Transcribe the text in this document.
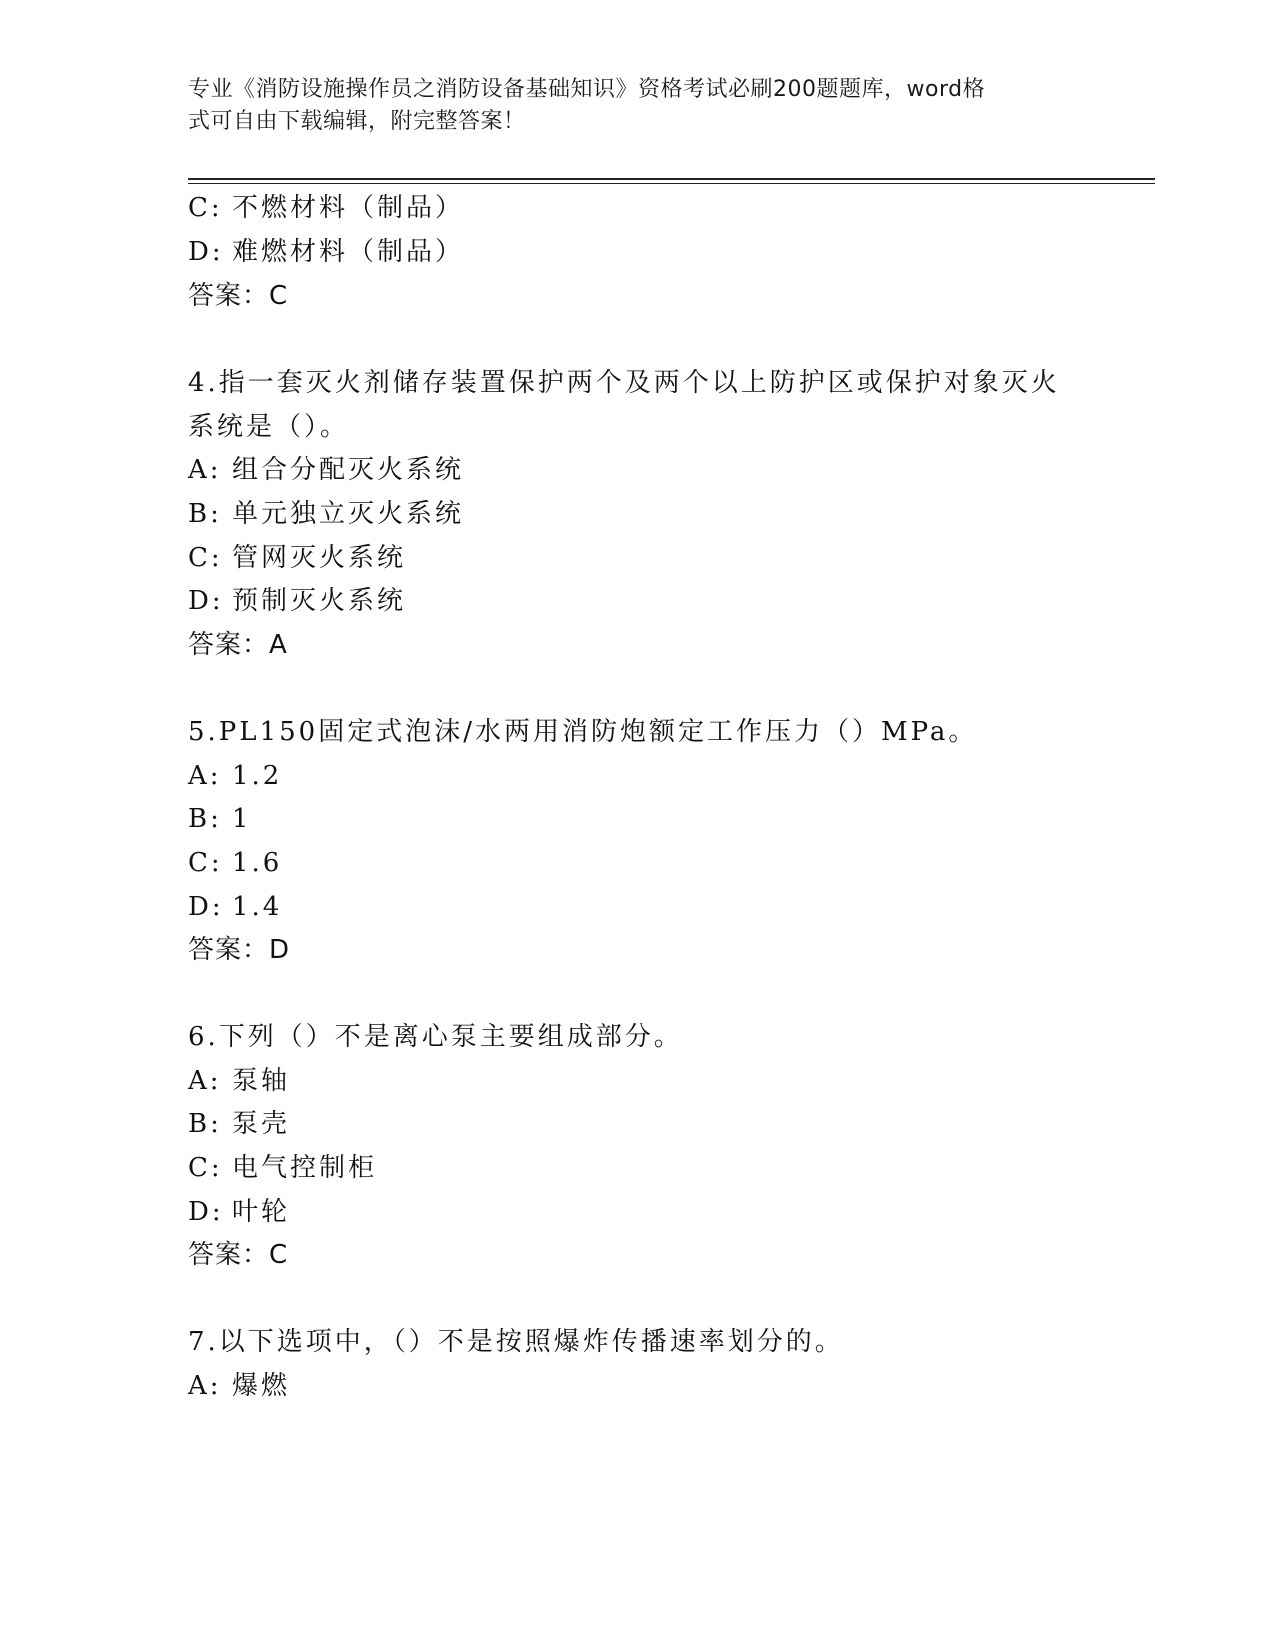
专业《消防设施操作员之消防设备基础知识》资格考试必刷200题题库，word格
式可自由下载编辑，附完整答案！
C: 不燃材料（制品）
D: 难燃材料（制品）
答案：C
4.指一套灭火剂储存装置保护两个及两个以上防护区或保护对象灭火
系统是（）。
A: 组合分配灭火系统
B: 单元独立灭火系统
C: 管网灭火系统
D: 预制灭火系统
答案：A
5.PL150固定式泡沫/水两用消防炮额定工作压力（）MPa。
A: 1.2
B: 1
C: 1.6
D: 1.4
答案：D
6.下列（）不是离心泵主要组成部分。
A: 泵轴
B: 泵壳
C: 电气控制柜
D: 叶轮
答案：C
7.以下选项中，（）不是按照爆炸传播速率划分的。
A: 爆燃
